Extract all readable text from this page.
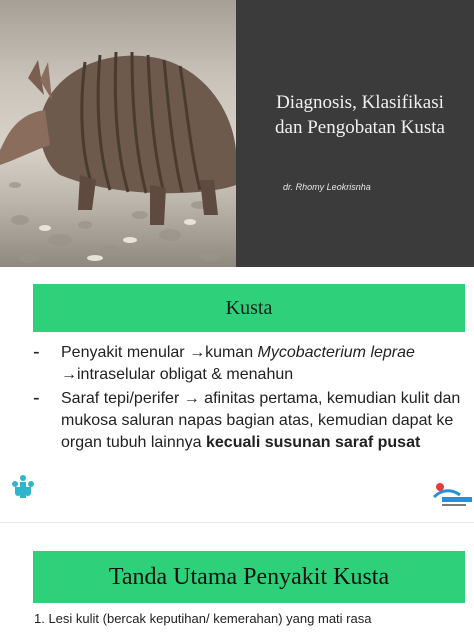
Diagnosis, Klasifikasi
dan Pengobatan Kusta
dr. Rhomy Leokrisnha
Kusta
- Penyakit menular →kuman Mycobacterium leprae →intraselular obligat & menahun
- Saraf tepi/perifer → afinitas pertama, kemudian kulit dan mukosa saluran napas bagian atas, kemudian dapat ke organ tubuh lainnya kecuali susunan saraf pusat
Tanda Utama Penyakit Kusta
1. Lesi kulit (bercak keputihan/ kemerahan) yang mati rasa
